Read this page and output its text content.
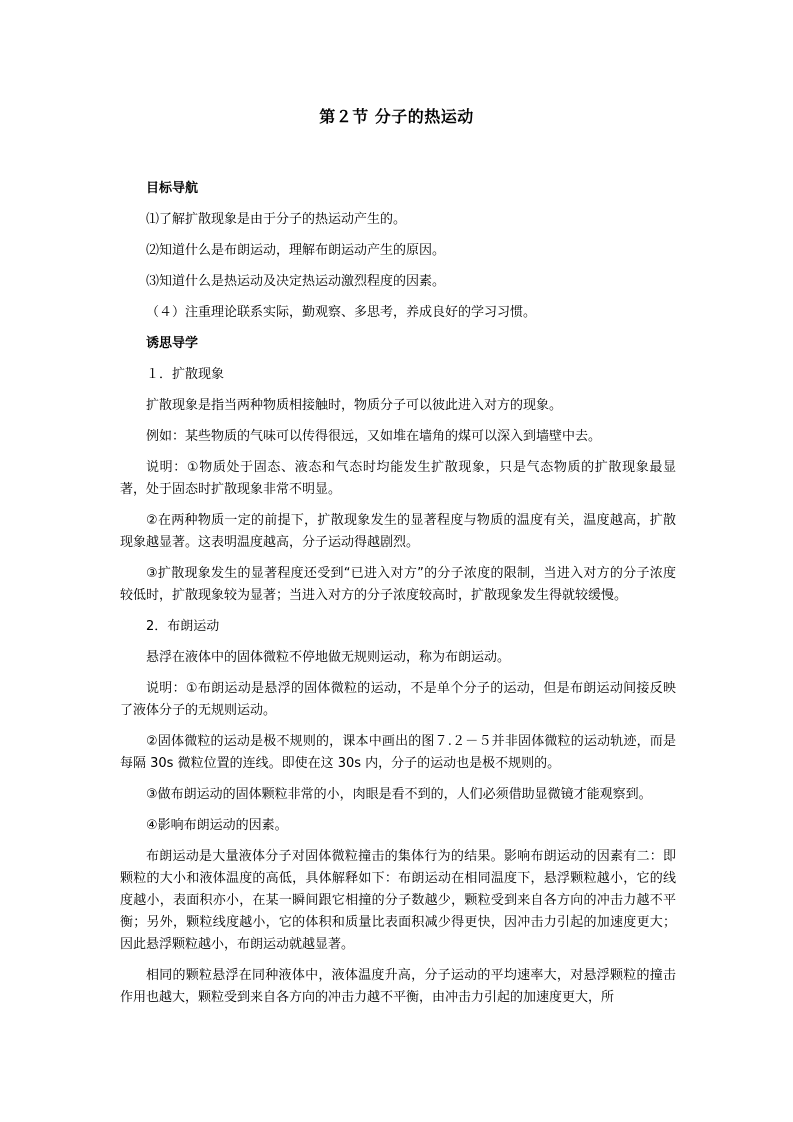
第２节 分子的热运动

目标导航

⑴了解扩散现象是由于分子的热运动产生的。

⑵知道什么是布朗运动，理解布朗运动产生的原因。

⑶知道什么是热运动及决定热运动激烈程度的因素。

（４）注重理论联系实际，勤观察、多思考，养成良好的学习习惯。

诱思导学

１．扩散现象

扩散现象是指当两种物质相接触时，物质分子可以彼此进入对方的现象。

例如：某些物质的气味可以传得很远，又如堆在墙角的煤可以深入到墙壁中去。

说明：①物质处于固态、液态和气态时均能发生扩散现象，只是气态物质的扩散现象最显著，处于固态时扩散现象非常不明显。

②在两种物质一定的前提下，扩散现象发生的显著程度与物质的温度有关，温度越高，扩散现象越显著。这表明温度越高，分子运动得越剧烈。

③扩散现象发生的显著程度还受到“已进入对方”的分子浓度的限制，当进入对方的分子浓度较低时，扩散现象较为显著；当进入对方的分子浓度较高时，扩散现象发生得就较缓慢。

2．布朗运动

悬浮在液体中的固体微粒不停地做无规则运动，称为布朗运动。

说明：①布朗运动是悬浮的固体微粒的运动，不是单个分子的运动，但是布朗运动间接反映了液体分子的无规则运动。

②固体微粒的运动是极不规则的，课本中画出的图７.２－５并非固体微粒的运动轨迹，而是每隔 30s 微粒位置的连线。即使在这 30s 内，分子的运动也是极不规则的。

③做布朗运动的固体颗粒非常的小，肉眼是看不到的，人们必须借助显微镜才能观察到。

④影响布朗运动的因素。

布朗运动是大量液体分子对固体微粒撞击的集体行为的结果。影响布朗运动的因素有二：即颗粒的大小和液体温度的高低，具体解释如下：布朗运动在相同温度下，悬浮颗粒越小，它的线度越小，表面积亦小，在某一瞬间跟它相撞的分子数越少，颗粒受到来自各方向的冲击力越不平衡；另外，颗粒线度越小，它的体积和质量比表面积减少得更快，因冲击力引起的加速度更大；因此悬浮颗粒越小，布朗运动就越显著。

相同的颗粒悬浮在同种液体中，液体温度升高，分子运动的平均速率大，对悬浮颗粒的撞击作用也越大，颗粒受到来自各方向的冲击力越不平衡，由冲击力引起的加速度更大，所
